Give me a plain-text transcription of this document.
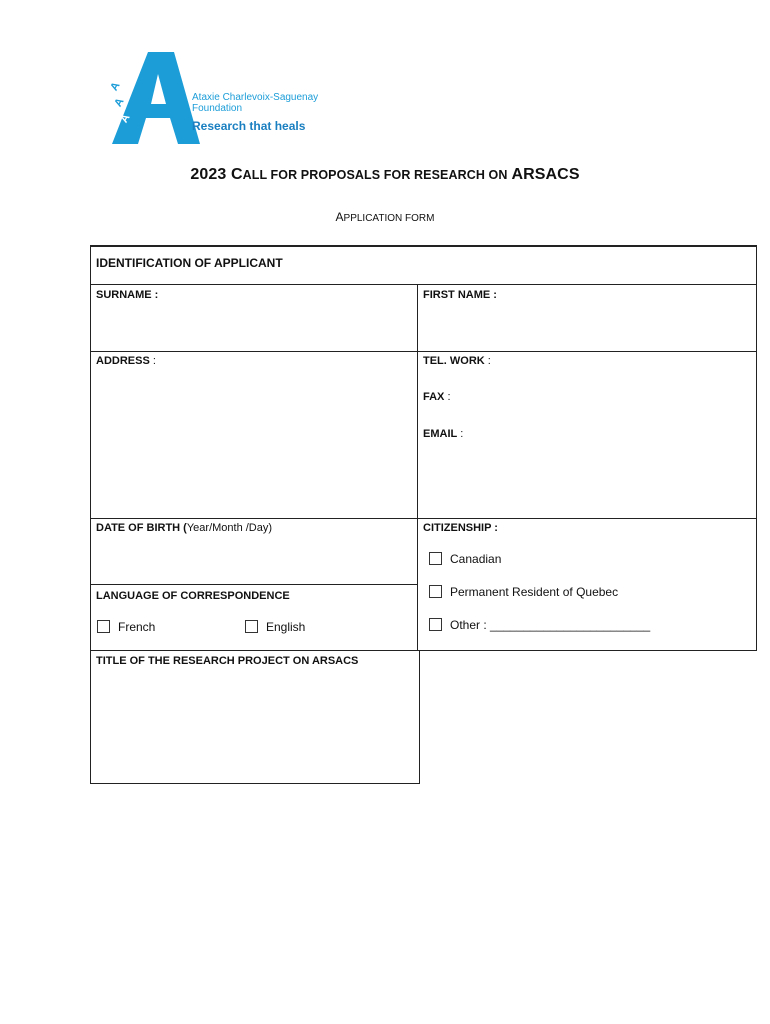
A
A
A
Ataxie Charlevoix-Saguenay
Foundation
Research that heals
2023 CALL FOR PROPOSALS FOR RESEARCH ON ARSACS
APPLICATION FORM
IDENTIFICATION OF APPLICANT
SURNAME :	FIRST NAME :
ADDRESS :	TEL. WORK :
FAX :
EMAIL :
DATE OF BIRTH (Year/Month /Day)	CITIZENSHIP :
Canadian
Permanent Resident of Quebec
Other : ________________________
LANGUAGE OF CORRESPONDENCE
French	English
TITLE OF THE RESEARCH PROJECT ON ARSACS
